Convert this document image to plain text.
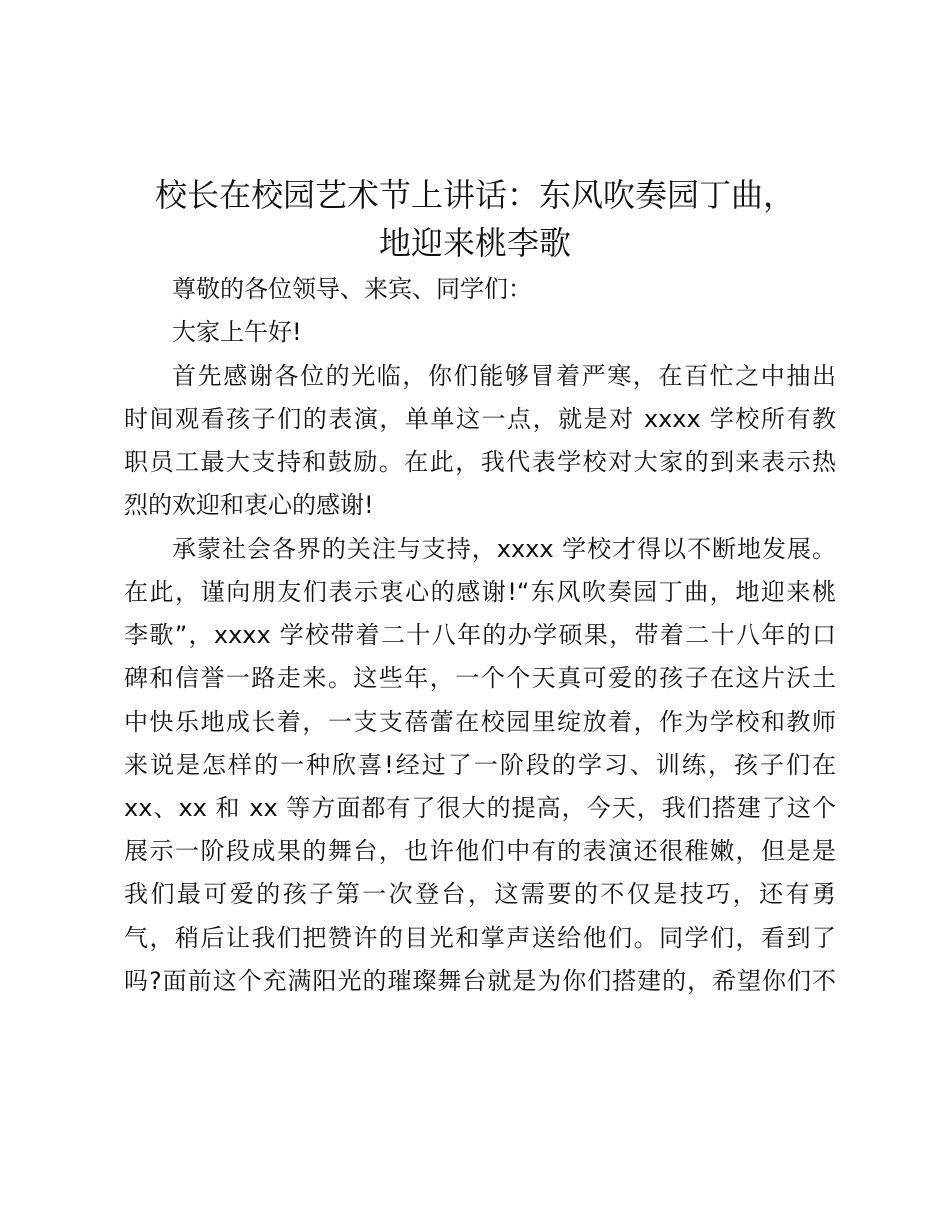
校长在校园艺术节上讲话：东风吹奏园丁曲，
地迎来桃李歌

尊敬的各位领导、来宾、同学们：

大家上午好!

首先感谢各位的光临，你们能够冒着严寒，在百忙之中抽出

时间观看孩子们的表演，单单这一点，就是对 xxxx 学校所有教

职员工最大支持和鼓励。在此，我代表学校对大家的到来表示热

烈的欢迎和衷心的感谢!

承蒙社会各界的关注与支持，xxxx 学校才得以不断地发展。

在此，谨向朋友们表示衷心的感谢!“东风吹奏园丁曲，地迎来桃

李歌”，xxxx 学校带着二十八年的办学硕果，带着二十八年的口

碑和信誉一路走来。这些年，一个个天真可爱的孩子在这片沃土

中快乐地成长着，一支支蓓蕾在校园里绽放着，作为学校和教师

来说是怎样的一种欣喜!经过了一阶段的学习、训练，孩子们在

xx、xx 和 xx 等方面都有了很大的提高，今天，我们搭建了这个

展示一阶段成果的舞台，也许他们中有的表演还很稚嫩，但是是

我们最可爱的孩子第一次登台，这需要的不仅是技巧，还有勇

气，稍后让我们把赞许的目光和掌声送给他们。同学们，看到了

吗?面前这个充满阳光的璀璨舞台就是为你们搭建的，希望你们不
